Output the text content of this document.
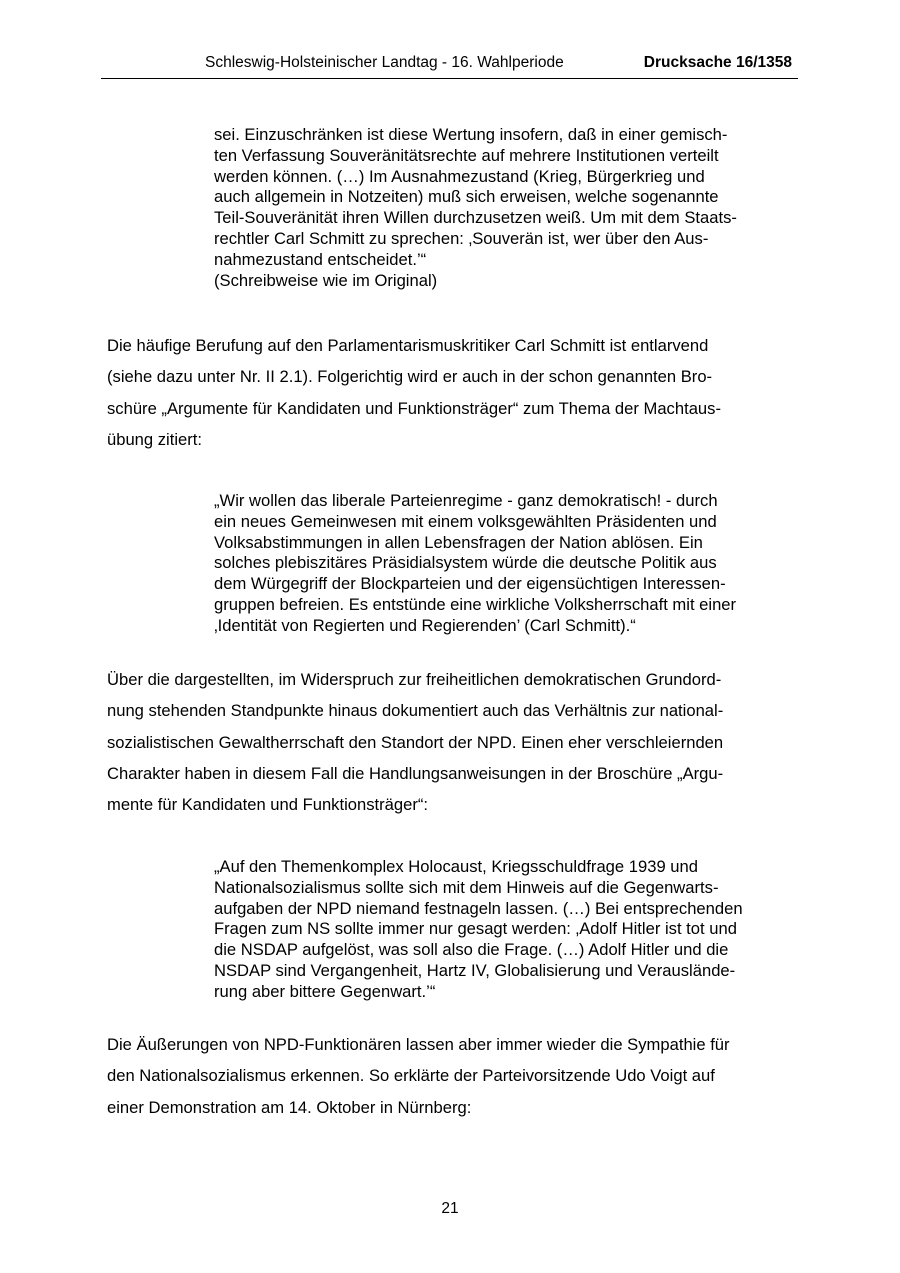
Schleswig-Holsteinischer Landtag - 16. Wahlperiode	Drucksache 16/1358
sei. Einzuschränken ist diese Wertung insofern, daß in einer gemisch-
ten Verfassung Souveränitätsrechte auf mehrere Institutionen verteilt
werden können. (…) Im Ausnahmezustand (Krieg, Bürgerkrieg und
auch allgemein in Notzeiten) muß sich erweisen, welche sogenannte
Teil-Souveränität ihren Willen durchzusetzen weiß. Um mit dem Staats-
rechtler Carl Schmitt zu sprechen: ‚Souverän ist, wer über den Aus-
nahmezustand entscheidet.’“
(Schreibweise wie im Original)
Die häufige Berufung auf den Parlamentarismuskritiker Carl Schmitt ist entlarvend
(siehe dazu unter Nr. II 2.1). Folgerichtig wird er auch in der schon genannten Bro-
schüre „Argumente für Kandidaten und Funktionsträger“ zum Thema der Machtaus-
übung zitiert:
„Wir wollen das liberale Parteienregime - ganz demokratisch! - durch
ein neues Gemeinwesen mit einem volksgewählten Präsidenten und
Volksabstimmungen in allen Lebensfragen der Nation ablösen. Ein
solches plebiszitäres Präsidialsystem würde die deutsche Politik aus
dem Würgegriff der Blockparteien und der eigensüchtigen Interessen-
gruppen befreien. Es entstünde eine wirkliche Volksherrschaft mit einer
‚Identität von Regierten und Regierenden’ (Carl Schmitt).“
Über die dargestellten, im Widerspruch zur freiheitlichen demokratischen Grundord-
nung stehenden Standpunkte hinaus dokumentiert auch das Verhältnis zur national-
sozialistischen Gewaltherrschaft den Standort der NPD. Einen eher verschleiernden
Charakter haben in diesem Fall die Handlungsanweisungen in der Broschüre „Argu-
mente für Kandidaten und Funktionsträger“:
„Auf den Themenkomplex Holocaust, Kriegsschuldfrage 1939 und
Nationalsozialismus sollte sich mit dem Hinweis auf die Gegenwarts-
aufgaben der NPD niemand festnageln lassen. (…) Bei entsprechenden
Fragen zum NS sollte immer nur gesagt werden: ‚Adolf Hitler ist tot und
die NSDAP aufgelöst, was soll also die Frage. (…) Adolf Hitler und die
NSDAP sind Vergangenheit, Hartz IV, Globalisierung und Verauslände-
rung aber bittere Gegenwart.’“
Die Äußerungen von NPD-Funktionären lassen aber immer wieder die Sympathie für
den Nationalsozialismus erkennen. So erklärte der Parteivorsitzende Udo Voigt auf
einer Demonstration am 14. Oktober in Nürnberg:
21
